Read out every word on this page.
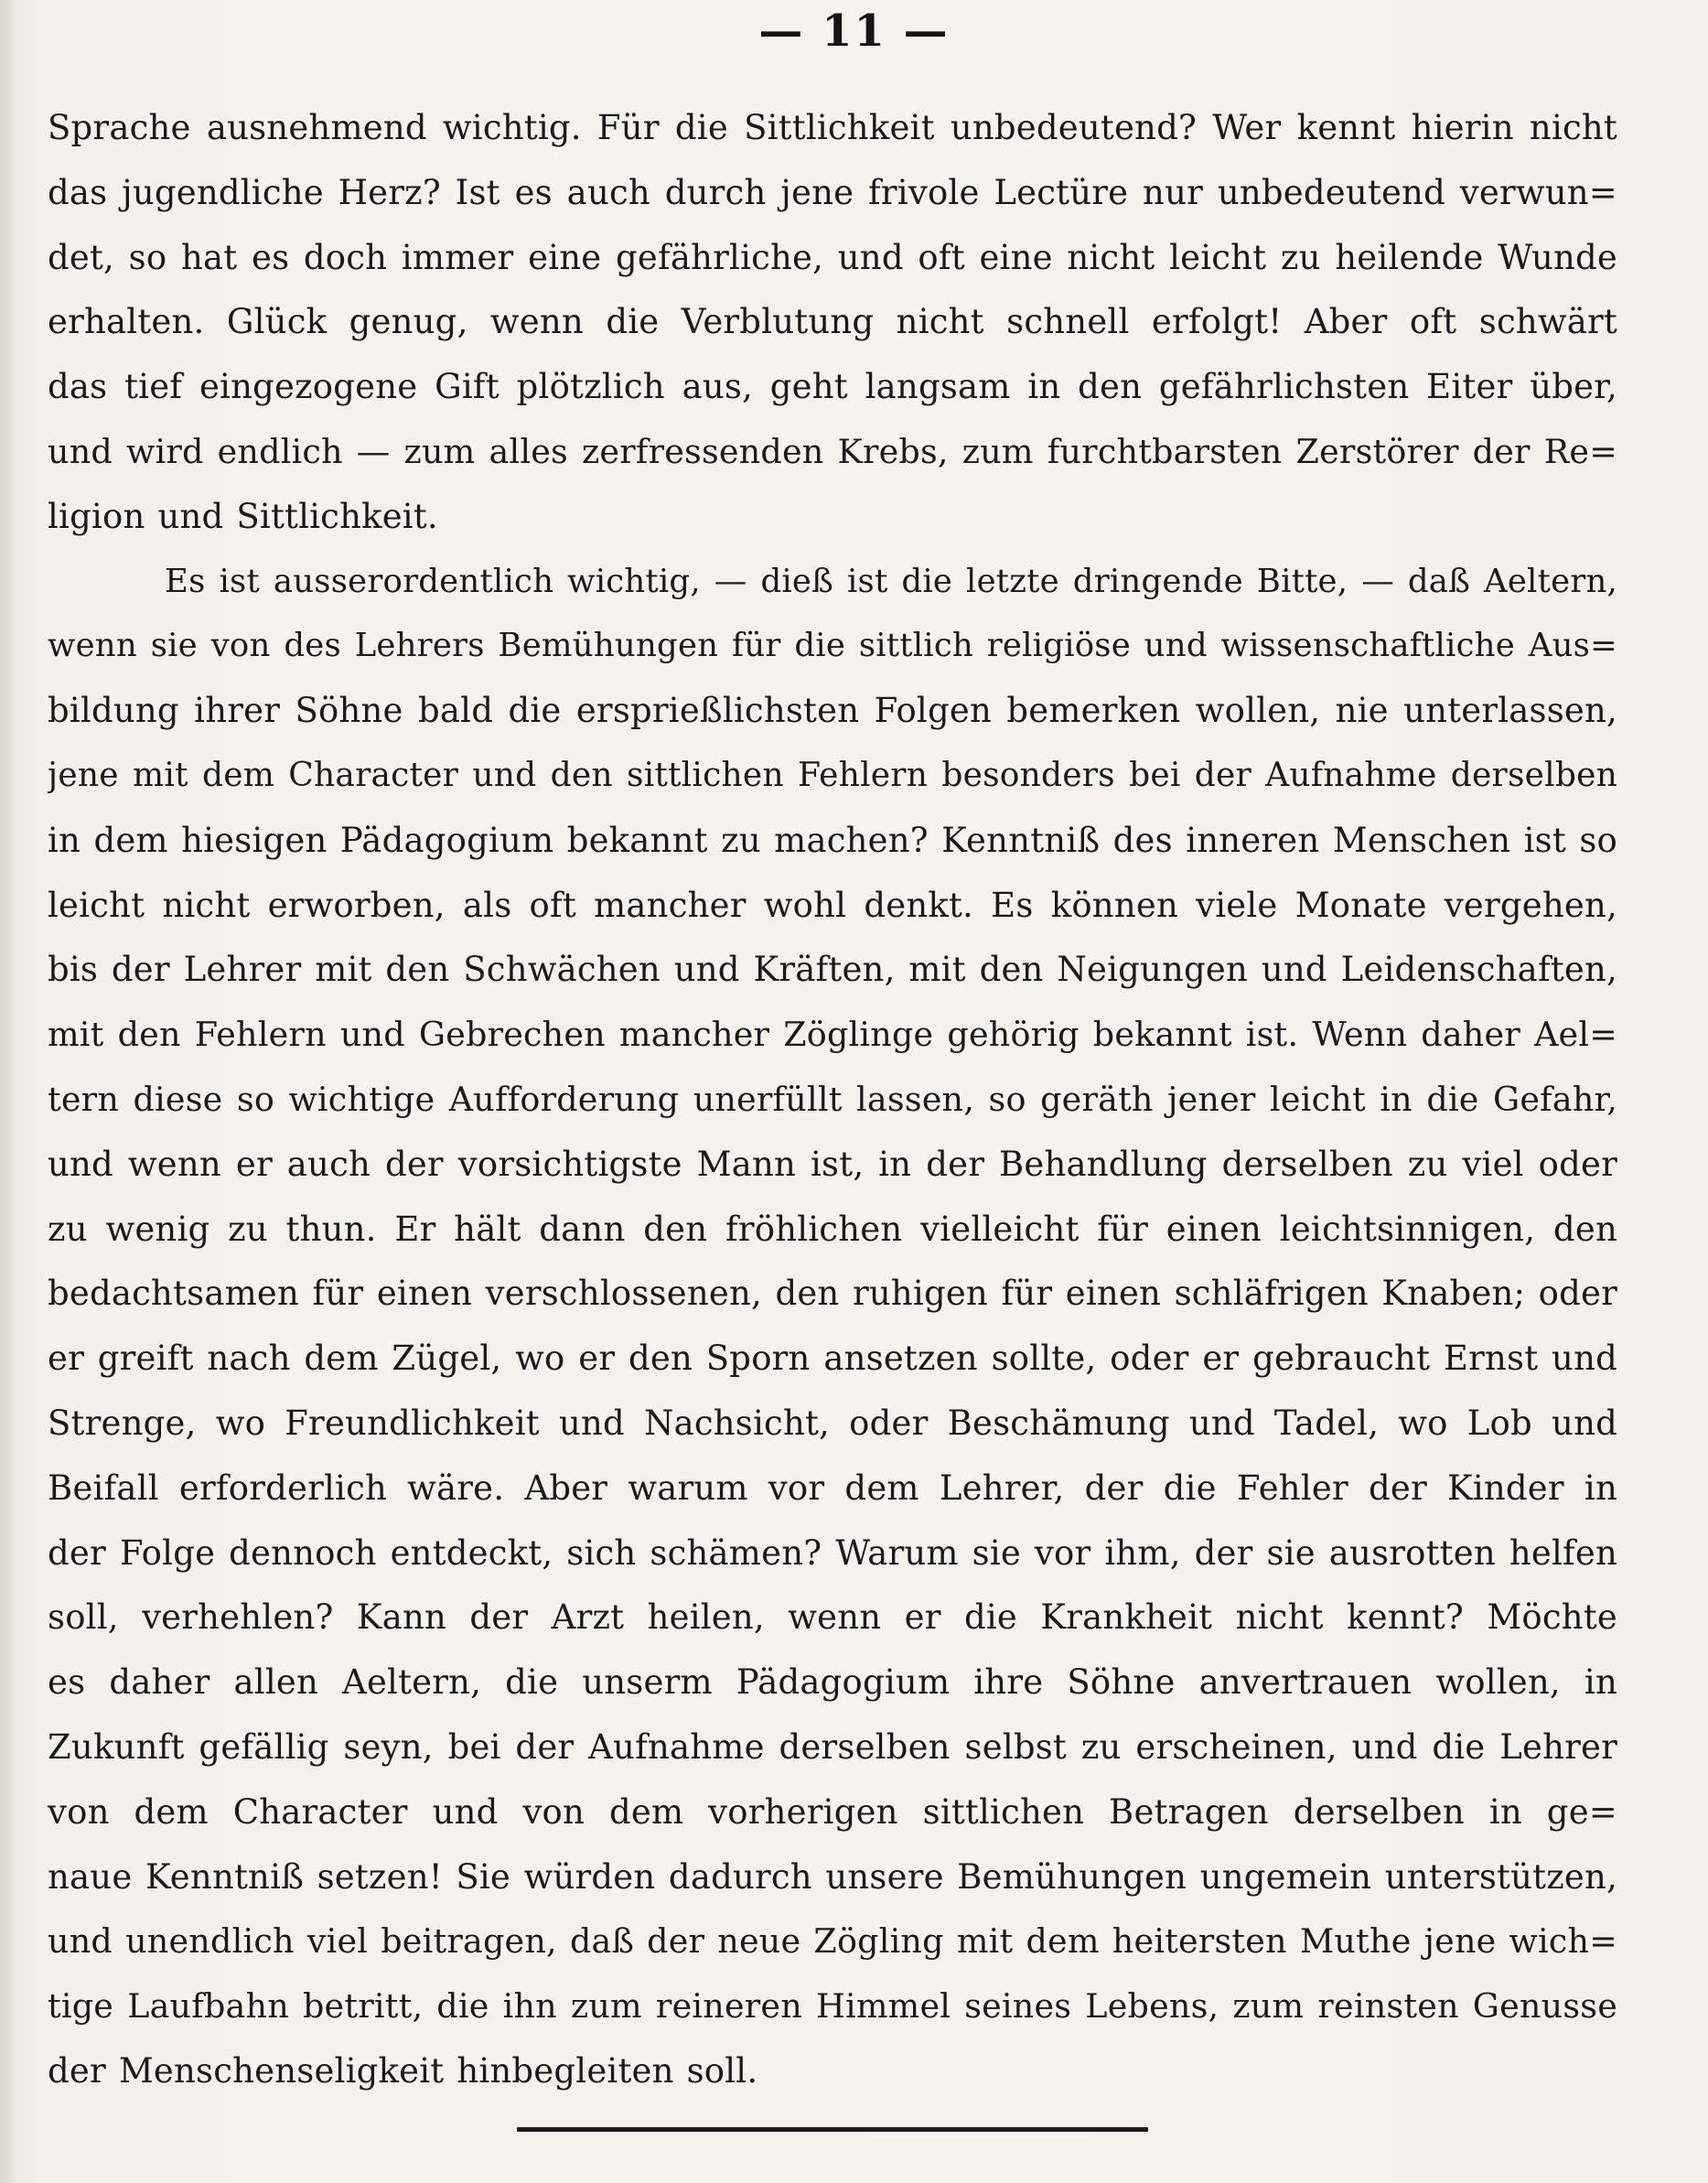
— 11 —
Sprache ausnehmend wichtig. Für die Sittlichkeit unbedeutend? Wer kennt hierin nicht
das jugendliche Herz? Ist es auch durch jene frivole Lectüre nur unbedeutend verwun=
det, so hat es doch immer eine gefährliche, und oft eine nicht leicht zu heilende Wunde
erhalten. Glück genug, wenn die Verblutung nicht schnell erfolgt! Aber oft schwärt
das tief eingezogene Gift plötzlich aus, geht langsam in den gefährlichsten Eiter über,
und wird endlich — zum alles zerfressenden Krebs, zum furchtbarsten Zerstörer der Re=
ligion und Sittlichkeit.
Es ist ausserordentlich wichtig, — dieß ist die letzte dringende Bitte, — daß Aeltern,
wenn sie von des Lehrers Bemühungen für die sittlich religiöse und wissenschaftliche Aus=
bildung ihrer Söhne bald die ersprießlichsten Folgen bemerken wollen, nie unterlassen,
jene mit dem Character und den sittlichen Fehlern besonders bei der Aufnahme derselben
in dem hiesigen Pädagogium bekannt zu machen? Kenntniß des inneren Menschen ist so
leicht nicht erworben, als oft mancher wohl denkt. Es können viele Monate vergehen,
bis der Lehrer mit den Schwächen und Kräften, mit den Neigungen und Leidenschaften,
mit den Fehlern und Gebrechen mancher Zöglinge gehörig bekannt ist. Wenn daher Ael=
tern diese so wichtige Aufforderung unerfüllt lassen, so geräth jener leicht in die Gefahr,
und wenn er auch der vorsichtigste Mann ist, in der Behandlung derselben zu viel oder
zu wenig zu thun. Er hält dann den fröhlichen vielleicht für einen leichtsinnigen, den
bedachtsamen für einen verschlossenen, den ruhigen für einen schläfrigen Knaben; oder
er greift nach dem Zügel, wo er den Sporn ansetzen sollte, oder er gebraucht Ernst und
Strenge, wo Freundlichkeit und Nachsicht, oder Beschämung und Tadel, wo Lob und
Beifall erforderlich wäre. Aber warum vor dem Lehrer, der die Fehler der Kinder in
der Folge dennoch entdeckt, sich schämen? Warum sie vor ihm, der sie ausrotten helfen
soll, verhehlen? Kann der Arzt heilen, wenn er die Krankheit nicht kennt? Möchte
es daher allen Aeltern, die unserm Pädagogium ihre Söhne anvertrauen wollen, in
Zukunft gefällig seyn, bei der Aufnahme derselben selbst zu erscheinen, und die Lehrer
von dem Character und von dem vorherigen sittlichen Betragen derselben in ge=
naue Kenntniß setzen! Sie würden dadurch unsere Bemühungen ungemein unterstützen,
und unendlich viel beitragen, daß der neue Zögling mit dem heitersten Muthe jene wich=
tige Laufbahn betritt, die ihn zum reineren Himmel seines Lebens, zum reinsten Genusse
der Menschenseligkeit hinbegleiten soll.
